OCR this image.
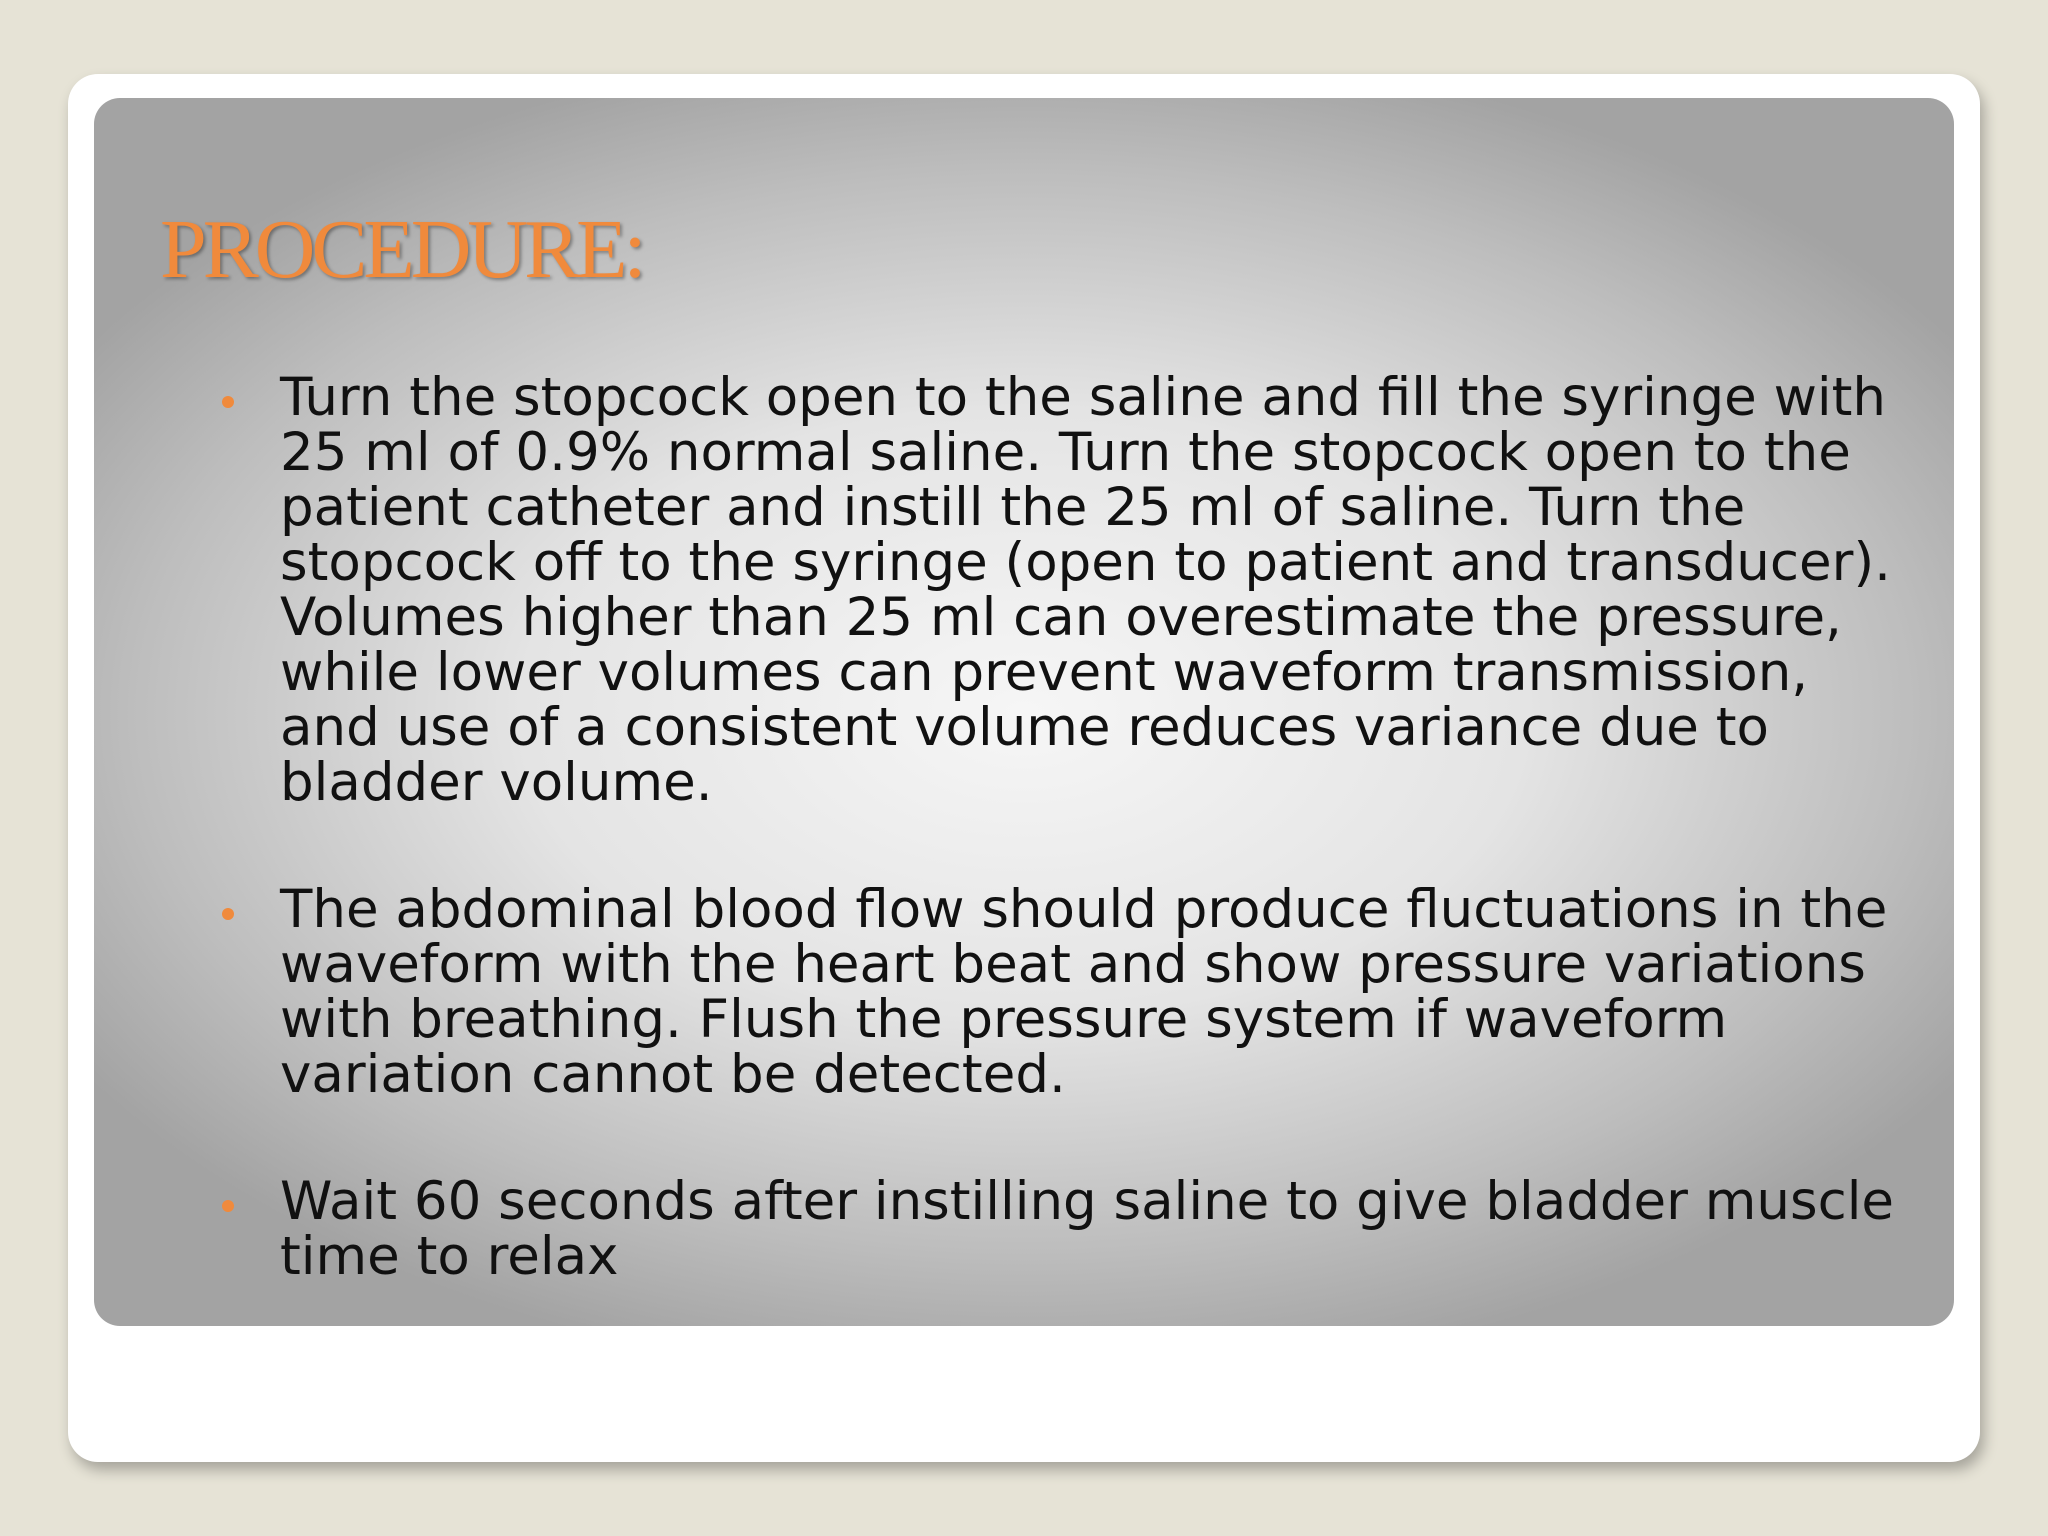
PROCEDURE:
Turn the stopcock open to the saline and fill the syringe with 25 ml of 0.9% normal saline. Turn the stopcock open to the patient catheter and instill the 25 ml of saline. Turn the stopcock off to the syringe (open to patient and transducer). Volumes higher than 25 ml can overestimate the pressure, while lower volumes can prevent waveform transmission, and use of a consistent volume reduces variance due to bladder volume.
The abdominal blood flow should produce fluctuations in the waveform with the heart beat and show pressure variations with breathing. Flush the pressure system if waveform variation cannot be detected.
Wait 60 seconds after instilling saline to give bladder muscle time to relax
